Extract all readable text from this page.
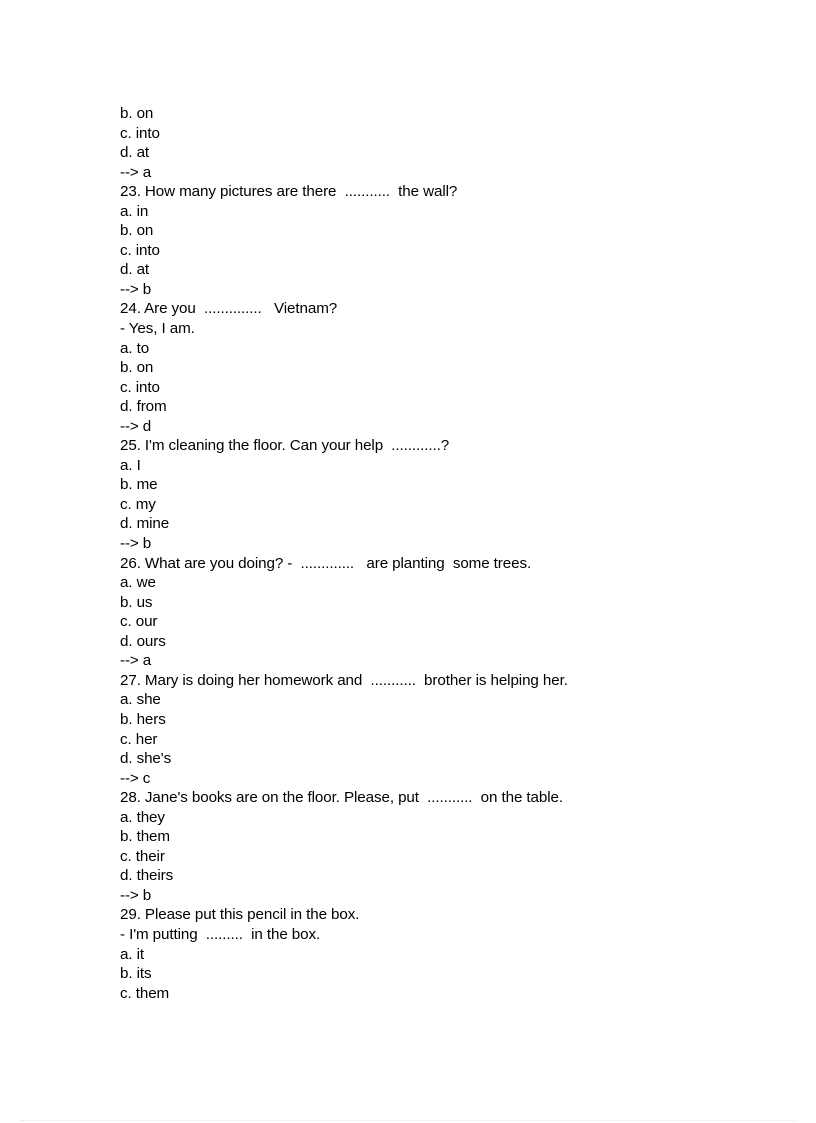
b. on
c. into
d. at
--> a
23. How many pictures are there  ...........  the wall?
a. in
b. on
c. into
d. at
--> b
24. Are you  ..............   Vietnam?
- Yes, I am.
a. to
b. on
c. into
d. from
--> d
25. I'm cleaning the floor. Can your help  ............?
a. I
b. me
c. my
d. mine
--> b
26. What are you doing? -  .............   are planting  some trees.
a. we
b. us
c. our
d. ours
--> a
27. Mary is doing her homework and  ...........  brother is helping her.
a. she
b. hers
c. her
d. she's
--> c
28. Jane's books are on the floor. Please, put  ...........  on the table.
a. they
b. them
c. their
d. theirs
--> b
29. Please put this pencil in the box.
- I'm putting  .........  in the box.
a. it
b. its
c. them
